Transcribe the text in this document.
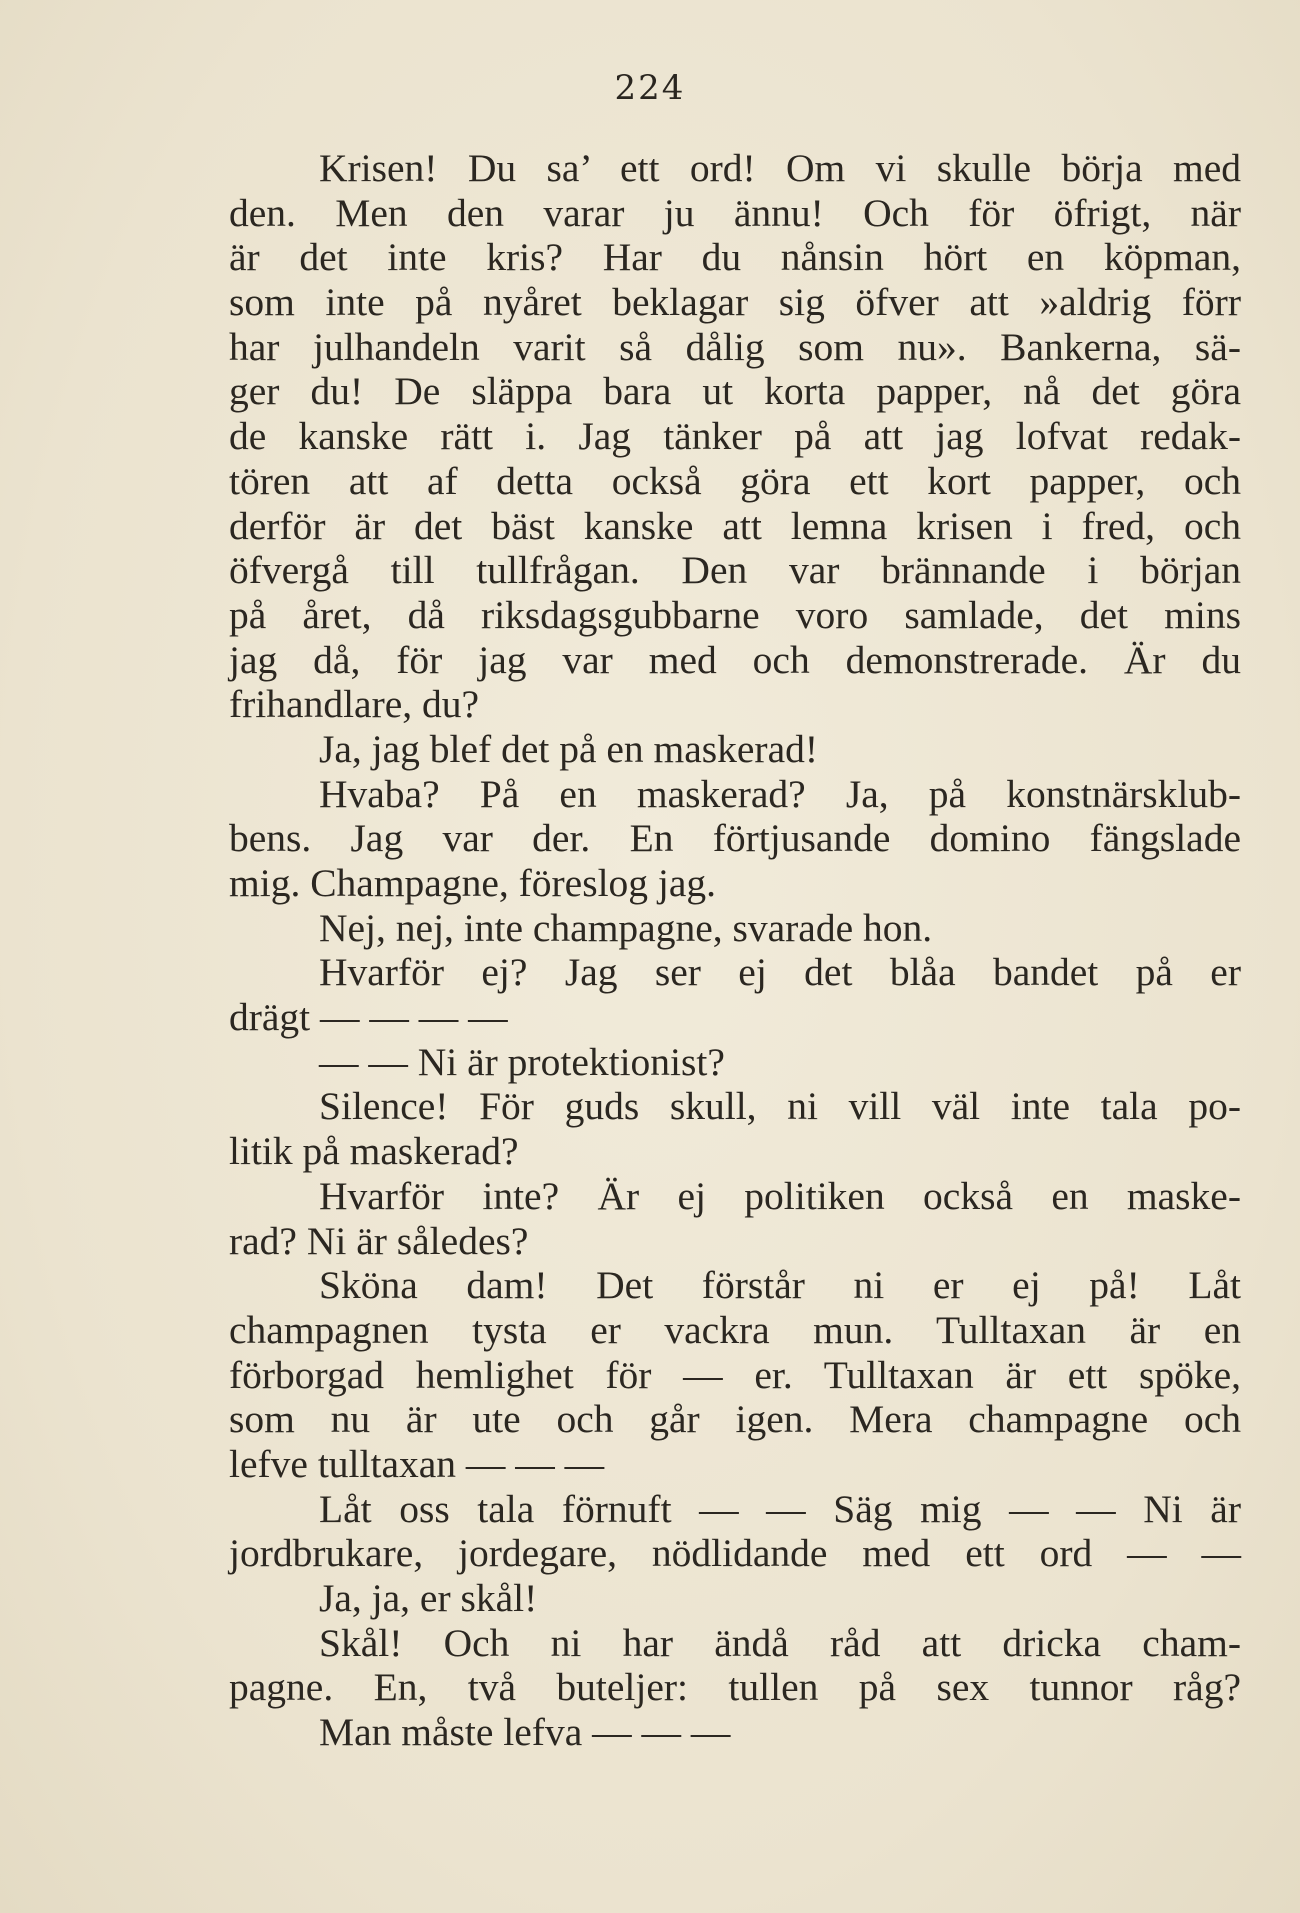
224
Krisen! Du sa’ ett ord! Om vi skulle börja med
den. Men den varar ju ännu! Och för öfrigt, när
är det inte kris? Har du nånsin hört en köpman,
som inte på nyåret beklagar sig öfver att »aldrig förr
har julhandeln varit så dålig som nu». Bankerna, sä-
ger du! De släppa bara ut korta papper, nå det göra
de kanske rätt i. Jag tänker på att jag lofvat redak-
tören att af detta också göra ett kort papper, och
derför är det bäst kanske att lemna krisen i fred, och
öfvergå till tullfrågan. Den var brännande i början
på året, då riksdagsgubbarne voro samlade, det mins
jag då, för jag var med och demonstrerade. Är du
frihandlare, du?
Ja, jag blef det på en maskerad!
Hvaba? På en maskerad? Ja, på konstnärsklub-
bens. Jag var der. En förtjusande domino fängslade
mig. Champagne, föreslog jag.
Nej, nej, inte champagne, svarade hon.
Hvarför ej? Jag ser ej det blåa bandet på er
drägt — — — —
— — Ni är protektionist?
Silence! För guds skull, ni vill väl inte tala po-
litik på maskerad?
Hvarför inte? Är ej politiken också en maske-
rad? Ni är således?
Sköna dam! Det förstår ni er ej på! Låt
champagnen tysta er vackra mun. Tulltaxan är en
förborgad hemlighet för — er. Tulltaxan är ett spöke,
som nu är ute och går igen. Mera champagne och
lefve tulltaxan — — —
Låt oss tala förnuft — — Säg mig — — Ni är
jordbrukare, jordegare, nödlidande med ett ord — —
Ja, ja, er skål!
Skål! Och ni har ändå råd att dricka cham-
pagne. En, två buteljer: tullen på sex tunnor råg?
Man måste lefva — — —
